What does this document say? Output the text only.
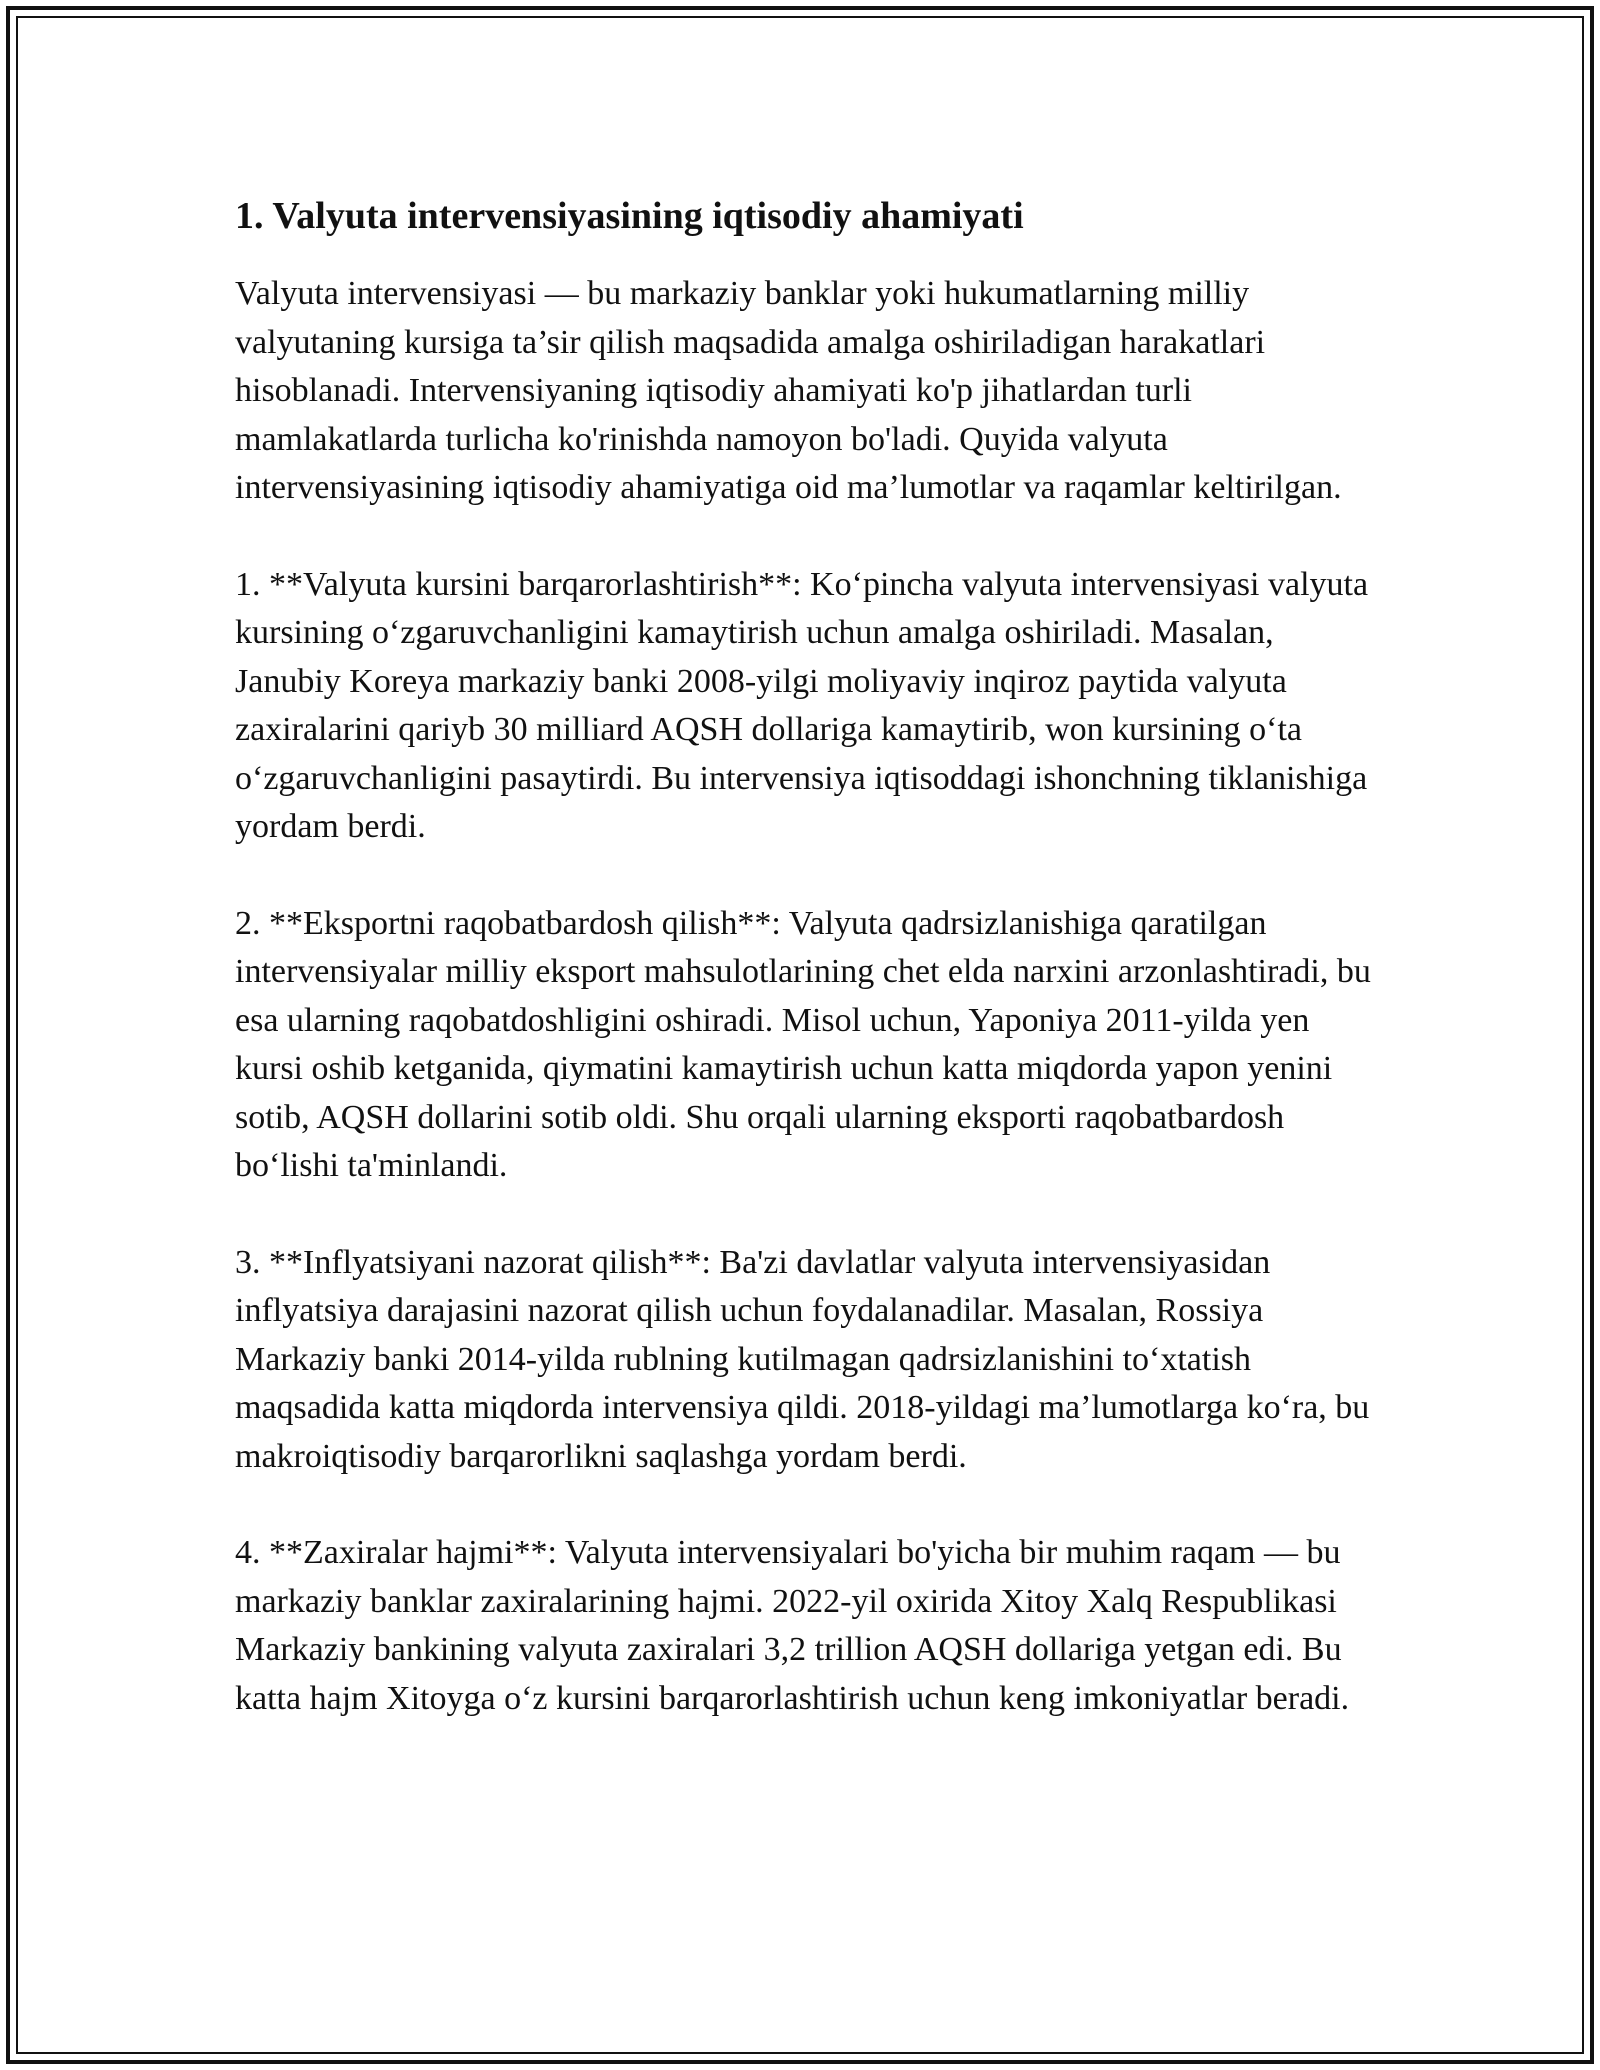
1. Valyuta intervensiyasining iqtisodiy ahamiyati

Valyuta intervensiyasi — bu markaziy banklar yoki hukumatlarning milliy valyutaning kursiga ta’sir qilish maqsadida amalga oshiriladigan harakatlari hisoblanadi. Intervensiyaning iqtisodiy ahamiyati ko'p jihatlardan turli mamlakatlarda turlicha ko'rinishda namoyon bo'ladi. Quyida valyuta intervensiyasining iqtisodiy ahamiyatiga oid ma’lumotlar va raqamlar keltirilgan.

1. **Valyuta kursini barqarorlashtirish**: Koʻpincha valyuta intervensiyasi valyuta kursining oʻzgaruvchanligini kamaytirish uchun amalga oshiriladi. Masalan, Janubiy Koreya markaziy banki 2008-yilgi moliyaviy inqiroz paytida valyuta zaxiralarini qariyb 30 milliard AQSH dollariga kamaytirib, won kursining oʻta oʻzgaruvchanligini pasaytirdi. Bu intervensiya iqtisoddagi ishonchning tiklanishiga yordam berdi.

2. **Eksportni raqobatbardosh qilish**: Valyuta qadrsizlanishiga qaratilgan intervensiyalar milliy eksport mahsulotlarining chet elda narxini arzonlashtiradi, bu esa ularning raqobatdoshligini oshiradi. Misol uchun, Yaponiya 2011-yilda yen kursi oshib ketganida, qiymatini kamaytirish uchun katta miqdorda yapon yenini sotib, AQSH dollarini sotib oldi. Shu orqali ularning eksporti raqobatbardosh boʻlishi ta'minlandi.

3. **Inflyatsiyani nazorat qilish**: Ba'zi davlatlar valyuta intervensiyasidan inflyatsiya darajasini nazorat qilish uchun foydalanadilar. Masalan, Rossiya Markaziy banki 2014-yilda rublning kutilmagan qadrsizlanishini toʻxtatish maqsadida katta miqdorda intervensiya qildi. 2018-yildagi ma’lumotlarga koʻra, bu makroiqtisodiy barqarorlikni saqlashga yordam berdi.

4. **Zaxiralar hajmi**: Valyuta intervensiyalari bo'yicha bir muhim raqam — bu markaziy banklar zaxiralarining hajmi. 2022-yil oxirida Xitoy Xalq Respublikasi Markaziy bankining valyuta zaxiralari 3,2 trillion AQSH dollariga yetgan edi. Bu katta hajm Xitoyga oʻz kursini barqarorlashtirish uchun keng imkoniyatlar beradi.
